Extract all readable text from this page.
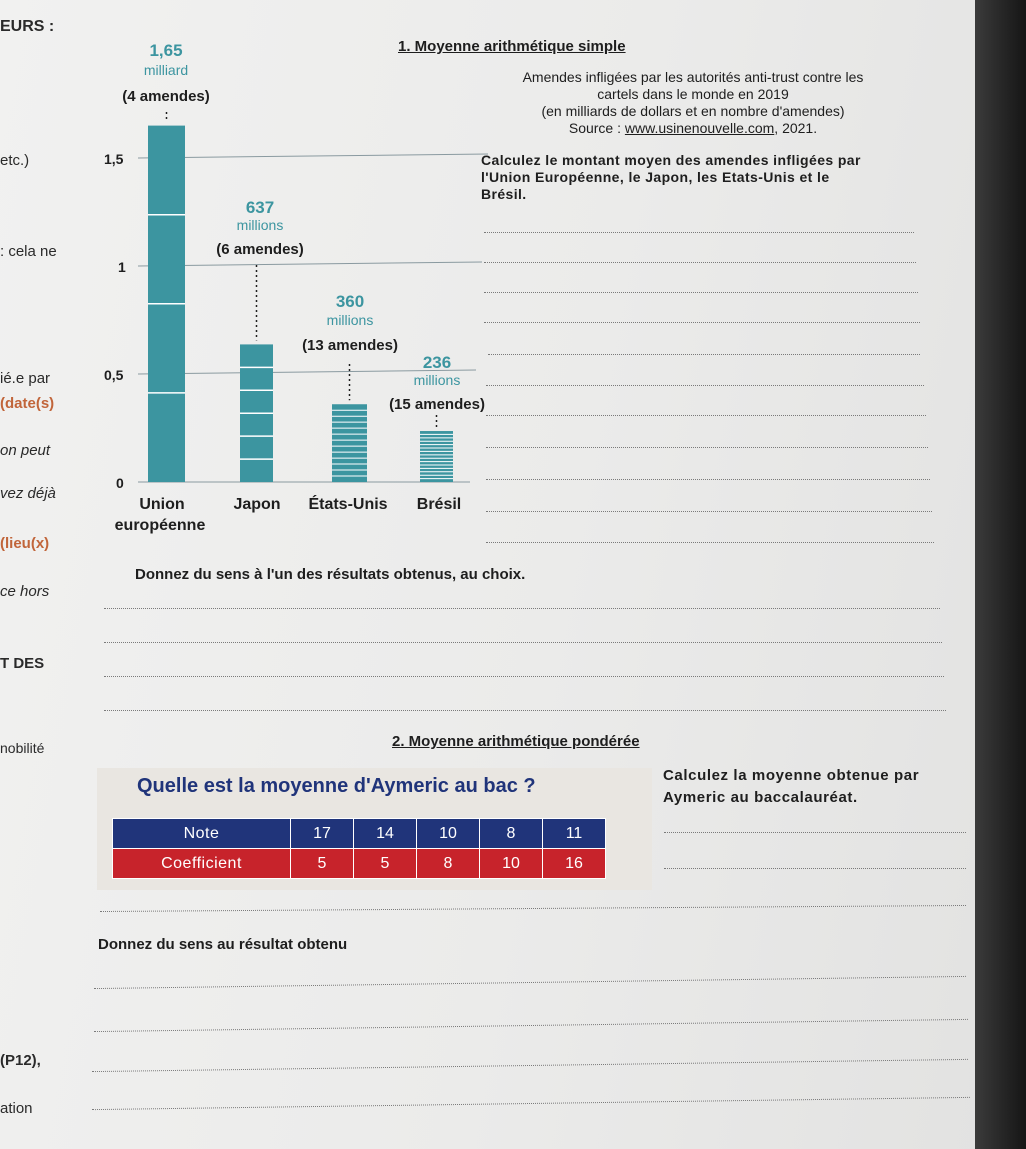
EURS :
etc.)
: cela ne
ié.e par
(date(s)
on peut
vez déjà
(lieu(x)
ce hors
T DES
nobilité
(P12),
ation
1. Moyenne arithmétique simple
Amendes infligées par les autorités anti-trust contre les
cartels dans le monde en 2019
(en milliards de dollars et en nombre d'amendes)
Source : www.usinenouvelle.com, 2021.
Calculez le montant moyen des amendes infligées par
l'Union Européenne, le Japon, les Etats-Unis et le
Brésil.
0
0,5
1
1,5
1,65
milliard
(4 amendes)
637
millions
(6 amendes)
360
millions
(13 amendes)
236
millions
(15 amendes)
Union
européenne
Japon États-Unis Brésil
Donnez du sens à l'un des résultats obtenus, au choix.
2. Moyenne arithmétique pondérée
Quelle est la moyenne d'Aymeric au bac ?
Note	17	14	10	8	11
Coefficient	5	5	8	10	16
Calculez la moyenne obtenue par
Aymeric au baccalauréat.
Donnez du sens au résultat obtenu
